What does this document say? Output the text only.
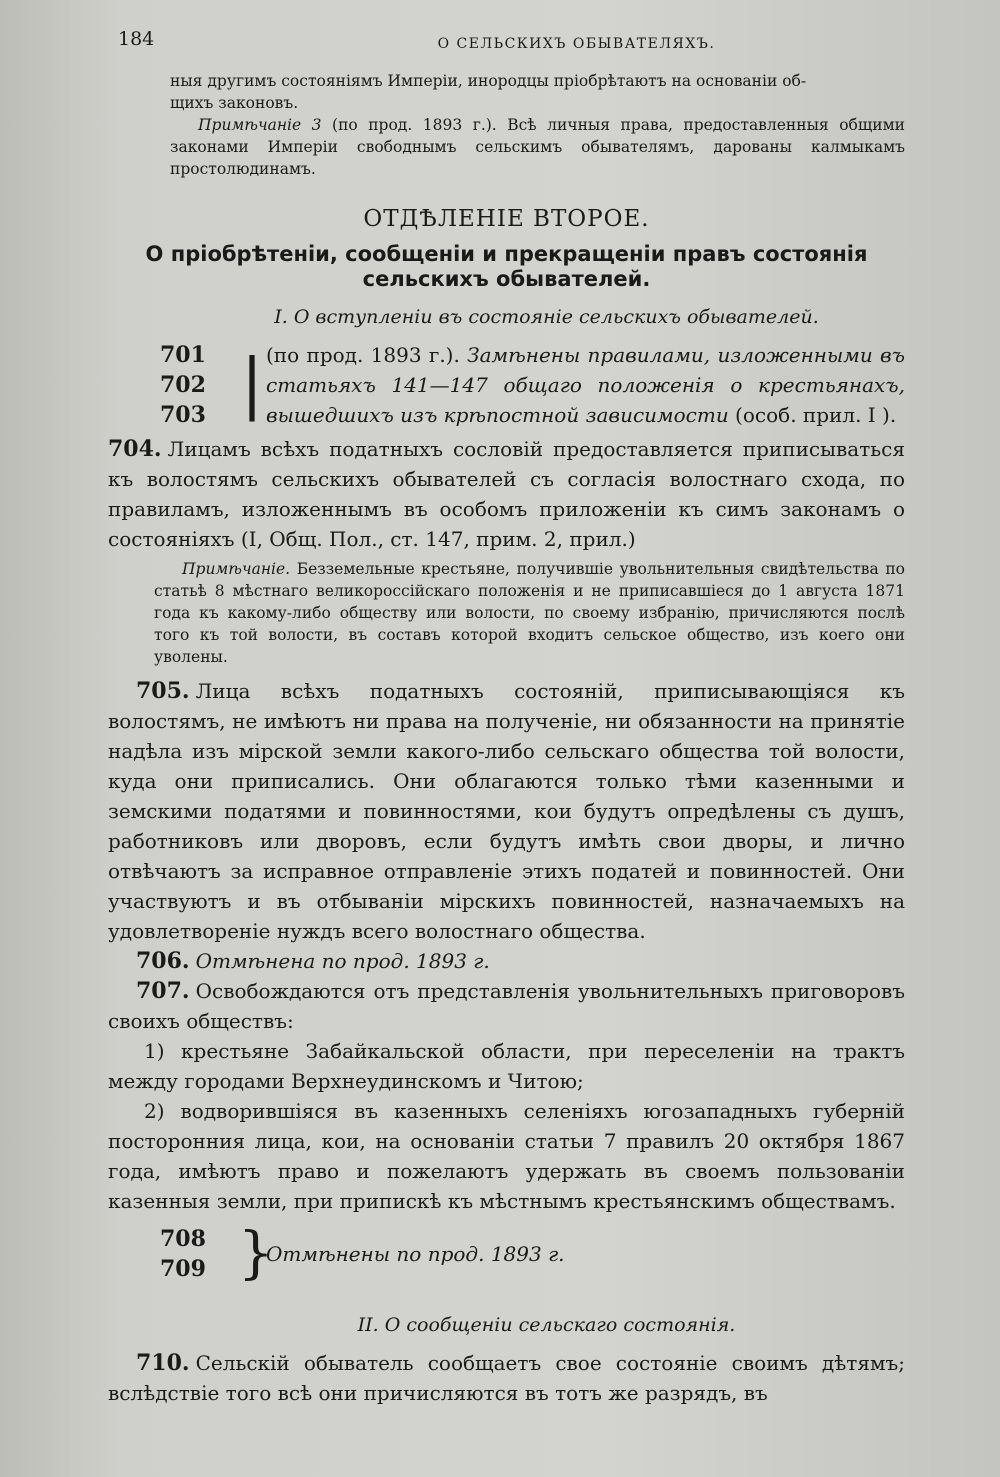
184	О СЕЛЬСКИХЪ ОБЫВАТЕЛЯХЪ.

ныя другимъ состояніямъ Имперіи, инородцы пріобрѣтаютъ на основаніи об-
щихъ законовъ.

Примѣчаніе 3 (по прод. 1893 г.). Всѣ личныя права, предоставленныя общими законами Имперіи свободнымъ сельскимъ обывателямъ, дарованы калмыкамъ простолюдинамъ.

ОТДѢЛЕНІЕ ВТОРОЕ.
О пріобрѣтеніи, сообщеніи и прекращеніи правъ состоянія сельскихъ обывателей.
I. О вступленіи въ состояніе сельскихъ обывателей.
701
702
703 | (по прод. 1893 г.). Замѣнены правилами, изложенными въ статьяхъ 141—147 общаго положенія о крестьянахъ, вышедшихъ изъ крѣпостной зависимости (особ. прил. I ).

704. Лицамъ всѣхъ податныхъ сословій предоставляется приписываться къ волостямъ сельскихъ обывателей съ согласія волостнаго схода, по правиламъ, изложеннымъ въ особомъ приложеніи къ симъ законамъ о состояніяхъ (I, Общ. Пол., ст. 147, прим. 2, прил.)

Примѣчаніе. Безземельные крестьяне, получившіе увольнительныя свидѣтельства по статьѣ 8 мѣстнаго великороссійскаго положенія и не приписавшіеся до 1 августа 1871 года къ какому-либо обществу или волости, по своему избранію, причисляются послѣ того къ той волости, въ составъ которой входитъ сельское общество, изъ коего они уволены.

705. Лица всѣхъ податныхъ состояній, приписывающіяся къ волостямъ, не имѣютъ ни права на полученіе, ни обязанности на принятіе надѣла изъ мірской земли какого-либо сельскаго общества той волости, куда они приписались. Они облагаются только тѣми казенными и земскими податями и повинностями, кои будутъ опредѣлены съ душъ, работниковъ или дворовъ, если будутъ имѣть свои дворы, и лично отвѣчаютъ за исправное отправленіе этихъ податей и повинностей. Они участвуютъ и въ отбываніи мірскихъ повинностей, назначаемыхъ на удовлетвореніе нуждъ всего волостнаго общества.

706. Отмѣнена по прод. 1893 г.

707. Освобождаются отъ представленія увольнительныхъ приговоровъ своихъ обществъ:

1) крестьяне Забайкальской области, при переселеніи на трактъ между городами Верхнеудинскомъ и Читою;

2) водворившіяся въ казенныхъ селеніяхъ югозападныхъ губерній посторонния лица, кои, на основаніи статьи 7 правилъ 20 октября 1867 года, имѣютъ право и пожелаютъ удержать въ своемъ пользованіи казенныя земли, при припискѣ къ мѣстнымъ крестьянскимъ обществамъ.

708
709 }
Отмѣнены по прод. 1893 г.
II. О сообщеніи сельскаго состоянія.

710. Сельскій обыватель сообщаетъ свое состояніе своимъ дѣтямъ; вслѣдствіе того всѣ они причисляются въ тотъ же разрядъ, въ
